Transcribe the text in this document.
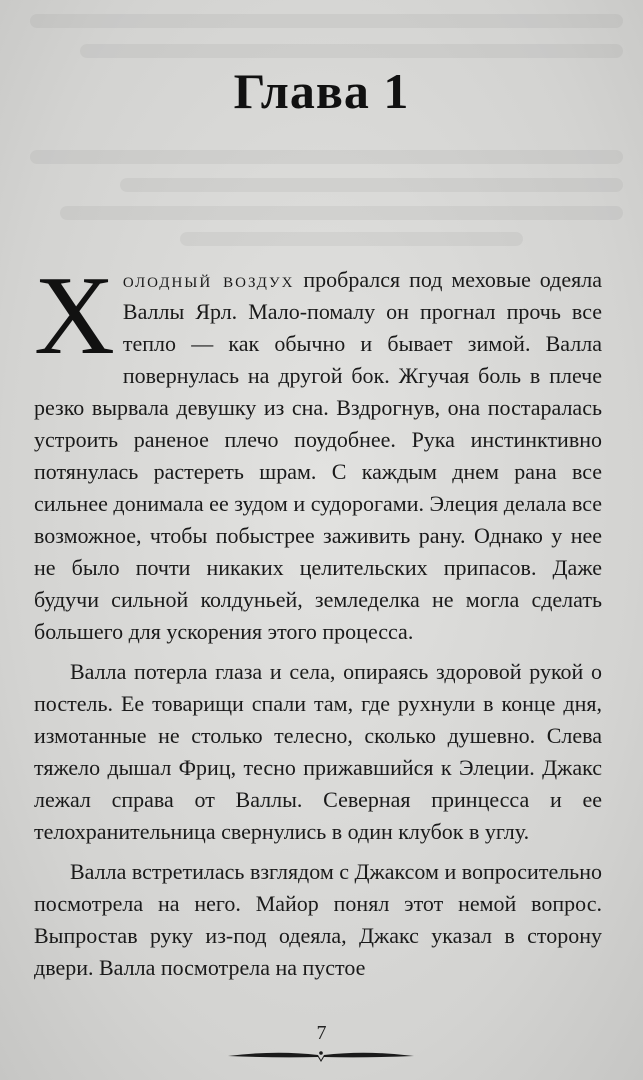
Глава 1

Холодный воздух пробрался под меховые одеяла Валлы Ярл. Мало-помалу он прогнал прочь все тепло — как обычно и бывает зимой. Валла повернулась на другой бок. Жгучая боль в плече резко вырвала девушку из сна. Вздрогнув, она постаралась устроить раненое плечо поудобнее. Рука инстинктивно потянулась растереть шрам. С каждым днем рана все сильнее донимала ее зудом и судорогами. Элеция делала все возможное, чтобы побыстрее заживить рану. Однако у нее не было почти никаких целительских припасов. Даже будучи сильной колдуньей, земледелка не могла сделать большего для ускорения этого процесса.

Валла потерла глаза и села, опираясь здоровой рукой о постель. Ее товарищи спали там, где рухнули в конце дня, измотанные не столько телесно, сколько душевно. Слева тяжело дышал Фриц, тесно прижавшийся к Элеции. Джакс лежал справа от Валлы. Северная принцесса и ее телохранительница свернулись в один клубок в углу.

Валла встретилась взглядом с Джаксом и вопросительно посмотрела на него. Майор понял этот немой вопрос. Выпростав руку из-под одеяла, Джакс указал в сторону двери. Валла посмотрела на пустое

7
